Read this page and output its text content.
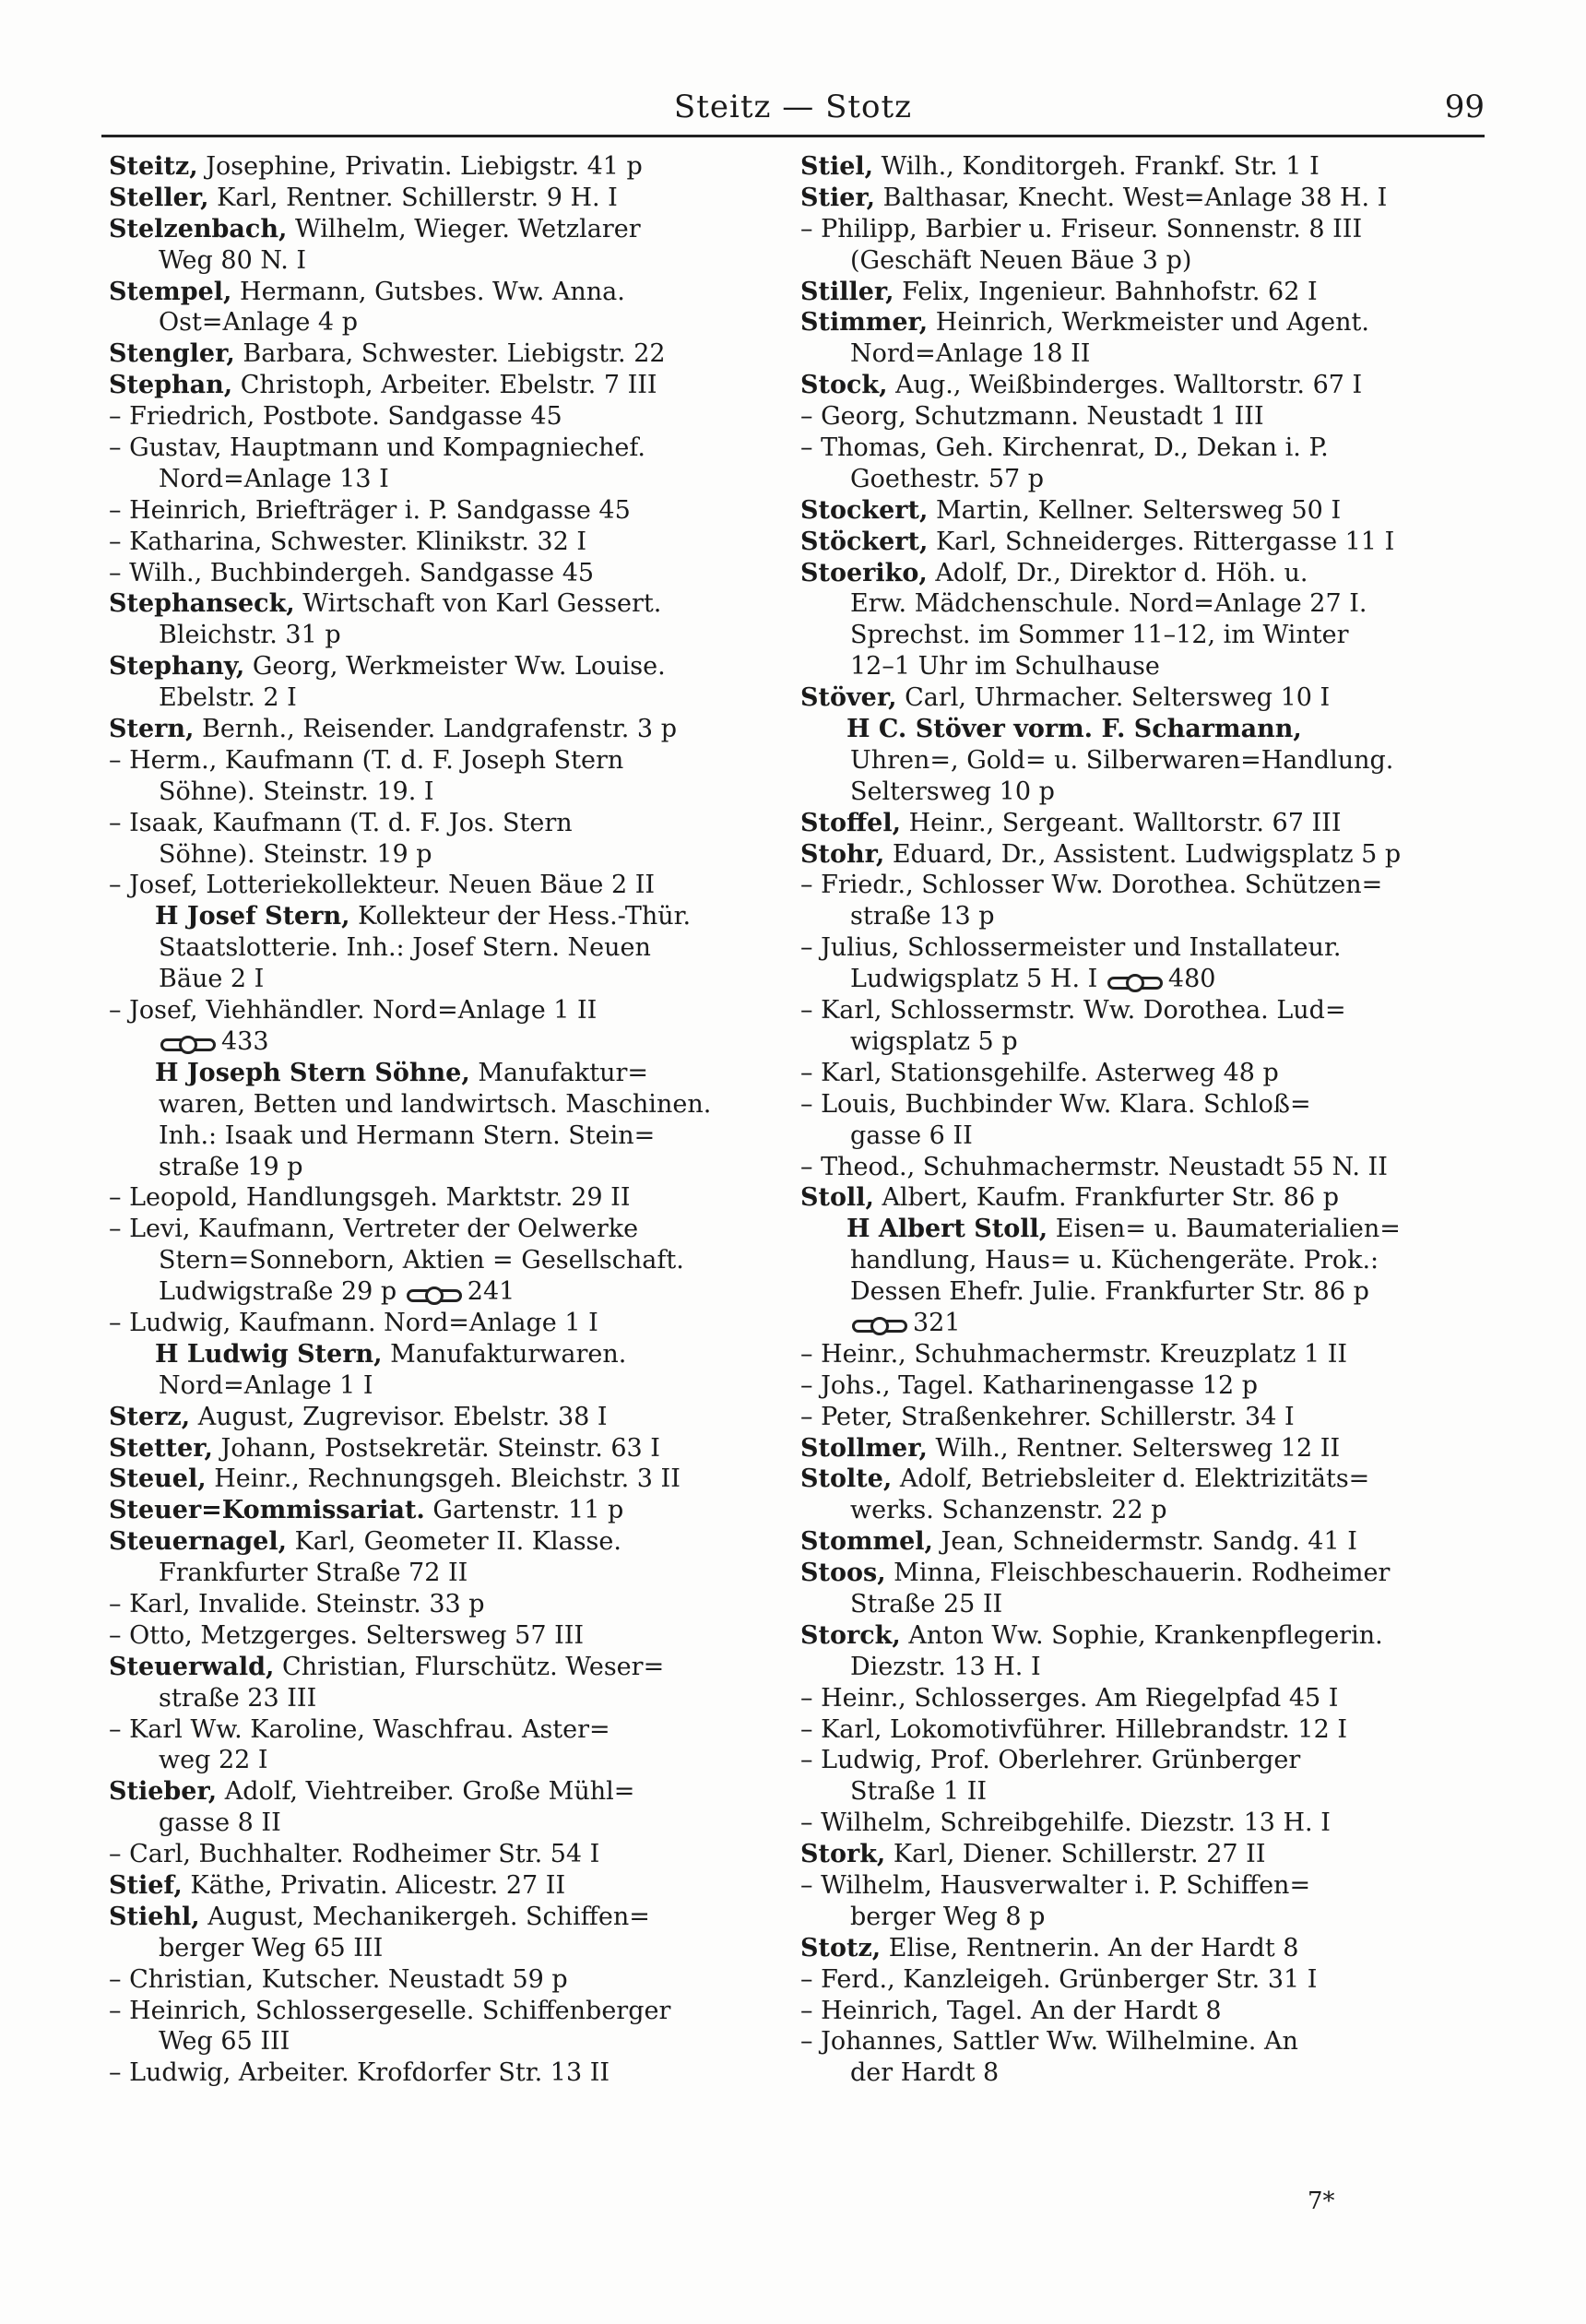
Steitz — Stotz	99
Steitz, Josephine, Privatin. Liebigstr. 41 p
Steller, Karl, Rentner. Schillerstr. 9 H. I
Stelzenbach, Wilhelm, Wieger. Wetzlarer
Weg 80 N. I
Stempel, Hermann, Gutsbes. Ww. Anna.
Ost=Anlage 4 p
Stengler, Barbara, Schwester. Liebigstr. 22
Stephan, Christoph, Arbeiter. Ebelstr. 7 III
– Friedrich, Postbote. Sandgasse 45
– Gustav, Hauptmann und Kompagniechef.
Nord=Anlage 13 I
– Heinrich, Briefträger i. P. Sandgasse 45
– Katharina, Schwester. Klinikstr. 32 I
– Wilh., Buchbindergeh. Sandgasse 45
Stephanseck, Wirtschaft von Karl Gessert.
Bleichstr. 31 p
Stephany, Georg, Werkmeister Ww. Louise.
Ebelstr. 2 I
Stern, Bernh., Reisender. Landgrafenstr. 3 p
– Herm., Kaufmann (T. d. F. Joseph Stern
Söhne). Steinstr. 19. I
– Isaak, Kaufmann (T. d. F. Jos. Stern
Söhne). Steinstr. 19 p
– Josef, Lotteriekollekteur. Neuen Bäue 2 II
H Josef Stern, Kollekteur der Hess.-Thür.
Staatslotterie. Inh.: Josef Stern. Neuen
Bäue 2 I
– Josef, Viehhändler. Nord=Anlage 1 II
433
H Joseph Stern Söhne, Manufaktur=
waren, Betten und landwirtsch. Maschinen.
Inh.: Isaak und Hermann Stern. Stein=
straße 19 p
– Leopold, Handlungsgeh. Marktstr. 29 II
– Levi, Kaufmann, Vertreter der Oelwerke
Stern=Sonneborn, Aktien = Gesellschaft.
Ludwigstraße 29 p	241
– Ludwig, Kaufmann. Nord=Anlage 1 I
H Ludwig Stern, Manufakturwaren.
Nord=Anlage 1 I
Sterz, August, Zugrevisor. Ebelstr. 38 I
Stetter, Johann, Postsekretär. Steinstr. 63 I
Steuel, Heinr., Rechnungsgeh. Bleichstr. 3 II
Steuer=Kommissariat. Gartenstr. 11 p
Steuernagel, Karl, Geometer II. Klasse.
Frankfurter Straße 72 II
– Karl, Invalide. Steinstr. 33 p
– Otto, Metzgerges. Seltersweg 57 III
Steuerwald, Christian, Flurschütz. Weser=
straße 23 III
– Karl Ww. Karoline, Waschfrau. Aster=
weg 22 I
Stieber, Adolf, Viehtreiber. Große Mühl=
gasse 8 II
– Carl, Buchhalter. Rodheimer Str. 54 I
Stief, Käthe, Privatin. Alicestr. 27 II
Stiehl, August, Mechanikergeh. Schiffen=
berger Weg 65 III
– Christian, Kutscher. Neustadt 59 p
– Heinrich, Schlossergeselle. Schiffenberger
Weg 65 III
– Ludwig, Arbeiter. Krofdorfer Str. 13 II
Stiel, Wilh., Konditorgeh. Frankf. Str. 1 I
Stier, Balthasar, Knecht. West=Anlage 38 H. I
– Philipp, Barbier u. Friseur. Sonnenstr. 8 III
(Geschäft Neuen Bäue 3 p)
Stiller, Felix, Ingenieur. Bahnhofstr. 62 I
Stimmer, Heinrich, Werkmeister und Agent.
Nord=Anlage 18 II
Stock, Aug., Weißbinderges. Walltorstr. 67 I
– Georg, Schutzmann. Neustadt 1 III
– Thomas, Geh. Kirchenrat, D., Dekan i. P.
Goethestr. 57 p
Stockert, Martin, Kellner. Seltersweg 50 I
Stöckert, Karl, Schneiderges. Rittergasse 11 I
Stoeriko, Adolf, Dr., Direktor d. Höh. u.
Erw. Mädchenschule. Nord=Anlage 27 I.
Sprechst. im Sommer 11–12, im Winter
12–1 Uhr im Schulhause
Stöver, Carl, Uhrmacher. Seltersweg 10 I
H C. Stöver vorm. F. Scharmann,
Uhren=, Gold= u. Silberwaren=Handlung.
Seltersweg 10 p
Stoffel, Heinr., Sergeant. Walltorstr. 67 III
Stohr, Eduard, Dr., Assistent. Ludwigsplatz 5 p
– Friedr., Schlosser Ww. Dorothea. Schützen=
straße 13 p
– Julius, Schlossermeister und Installateur.
Ludwigsplatz 5 H. I	480
– Karl, Schlossermstr. Ww. Dorothea. Lud=
wigsplatz 5 p
– Karl, Stationsgehilfe. Asterweg 48 p
– Louis, Buchbinder Ww. Klara. Schloß=
gasse 6 II
– Theod., Schuhmachermstr. Neustadt 55 N. II
Stoll, Albert, Kaufm. Frankfurter Str. 86 p
H Albert Stoll, Eisen= u. Baumaterialien=
handlung, Haus= u. Küchengeräte. Prok.:
Dessen Ehefr. Julie. Frankfurter Str. 86 p
321
– Heinr., Schuhmachermstr. Kreuzplatz 1 II
– Johs., Tagel. Katharinengasse 12 p
– Peter, Straßenkehrer. Schillerstr. 34 I
Stollmer, Wilh., Rentner. Seltersweg 12 II
Stolte, Adolf, Betriebsleiter d. Elektrizitäts=
werks. Schanzenstr. 22 p
Stommel, Jean, Schneidermstr. Sandg. 41 I
Stoos, Minna, Fleischbeschauerin. Rodheimer
Straße 25 II
Storck, Anton Ww. Sophie, Krankenpflegerin.
Diezstr. 13 H. I
– Heinr., Schlosserges. Am Riegelpfad 45 I
– Karl, Lokomotivführer. Hillebrandstr. 12 I
– Ludwig, Prof. Oberlehrer. Grünberger
Straße 1 II
– Wilhelm, Schreibgehilfe. Diezstr. 13 H. I
Stork, Karl, Diener. Schillerstr. 27 II
– Wilhelm, Hausverwalter i. P. Schiffen=
berger Weg 8 p
Stotz, Elise, Rentnerin. An der Hardt 8
– Ferd., Kanzleigeh. Grünberger Str. 31 I
– Heinrich, Tagel. An der Hardt 8
– Johannes, Sattler Ww. Wilhelmine. An
der Hardt 8
7*
